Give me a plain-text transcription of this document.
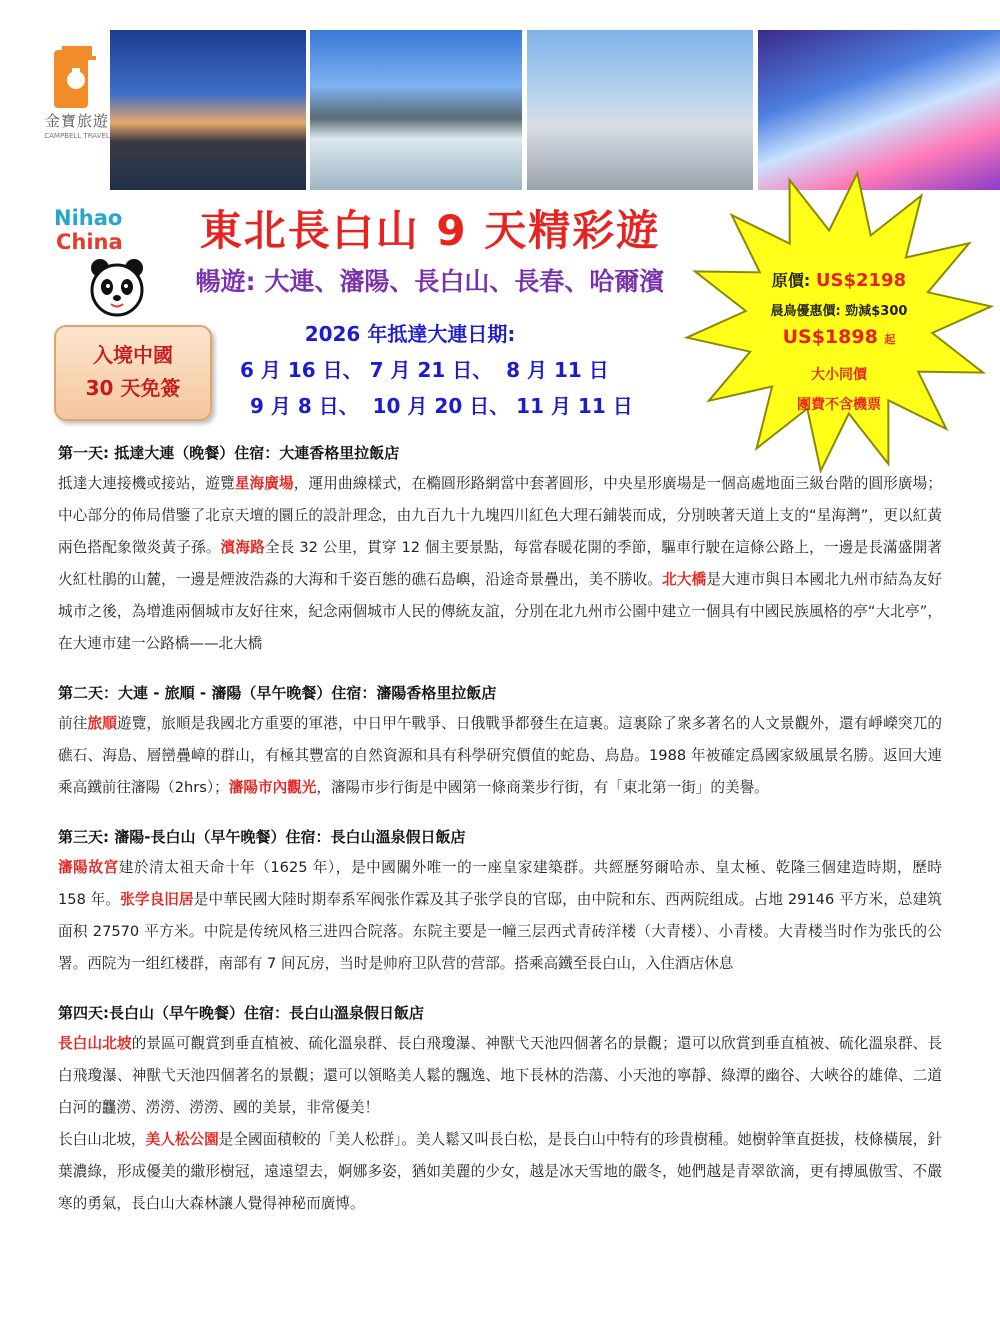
金寶旅遊
CAMPBELL TRAVEL
Nihao
China	東北長白山 9 天精彩遊
暢遊: 大連、瀋陽、長白山、長春、哈爾濱
入境中國
30 天免簽
2026 年抵達大連日期:
6 月 16 日、 7 月 21 日、  8 月 11 日
9 月 8 日、  10 月 20 日、 11 月 11 日
原價: US$2198
晨鳥優惠價: 勁減$300
US$1898 起
大小同價
團費不含機票
第一天: 抵達大連（晚餐）住宿：大連香格里拉飯店

抵達大連接機或接站，遊覽星海廣場，運用曲線樣式，在橢圓形路網當中套著圓形，中央星形廣場是一個高處地面三級台階的圓形廣場；中心部分的佈局借鑒了北京天壇的圜丘的設計理念，由九百九十九塊四川紅色大理石鋪裝而成，分別映著天道上支的“星海灣”，更以紅黃兩色搭配象徵炎黃子孫。濱海路全長 32 公里，貫穿 12 個主要景點，每當春暖花開的季節，驅車行駛在這條公路上，一邊是長滿盛開著火紅杜鵑的山麓，一邊是煙波浩淼的大海和千姿百態的礁石島嶼，沿途奇景疊出，美不勝收。北大橋是大連市與日本國北九州市結為友好城市之後，為增進兩個城市友好往來，紀念兩個城市人民的傳統友誼，分別在北九州市公園中建立一個具有中國民族風格的亭“大北亭”，在大連市建一公路橋——北大橋

第二天：大連 - 旅順 - 瀋陽（早午晚餐）住宿：瀋陽香格里拉飯店

前往旅順遊覽，旅順是我國北方重要的軍港，中日甲午戰爭、日俄戰爭都發生在這裏。這裏除了衆多著名的人文景觀外，還有崢嶸突兀的礁石、海島、層巒疊嶂的群山，有極其豐富的自然資源和具有科學研究價值的蛇島、鳥島。1988 年被確定爲國家級風景名勝。返回大連乘高鐵前往瀋陽（2hrs）；瀋陽市內觀光，瀋陽市步行街是中國第一條商業步行街，有「東北第一街」的美譽。

第三天: 瀋陽-長白山（早午晚餐）住宿：長白山溫泉假日飯店

瀋陽故宮建於清太祖天命十年（1625 年），是中國關外唯一的一座皇家建築群。共經歷努爾哈赤、皇太極、乾隆三個建造時期，歷時 158 年。张学良旧居是中華民國大陸时期奉系军阀张作霖及其子张学良的官邸，由中院和东、西两院组成。占地 29146 平方米，总建筑面积 27570 平方米。中院是传统风格三进四合院落。东院主要是一幢三层西式青砖洋楼（大青楼）、小青楼。大青楼当时作为张氏的公署。西院为一组红楼群，南部有 7 间瓦房，当时是帅府卫队营的营部。搭乘高鐵至長白山，入住酒店休息

第四天:長白山（早午晚餐）住宿：長白山溫泉假日飯店

長白山北坡的景區可觀賞到垂直植被、硫化溫泉群、長白飛瓊瀑、神獸弋天池四個著名的景觀；還可以欣賞到垂直植被、硫化溫泉群、長白飛瓊瀑、神獸弋天池四個著名的景觀；還可以領略美人鬆的飄逸、地下長林的浩蕩、小天池的寧靜、綠潭的幽谷、大峽谷的雄偉、二道白河的龘澇、澇澇、澇澇、國的美景，非常優美！

长白山北坡，美人松公園是全國面積較的「美人松群」。美人鬆又叫長白松，是長白山中特有的珍貴樹種。她樹幹筆直挺拔，枝條橫展，針葉濃綠，形成優美的繖形樹冠，遠遠望去，婀娜多姿，猶如美麗的少女，越是冰天雪地的嚴冬，她們越是青翠欲滴，更有搏風傲雪、不嚴寒的勇氣，長白山大森林讓人覺得神秘而廣博。
